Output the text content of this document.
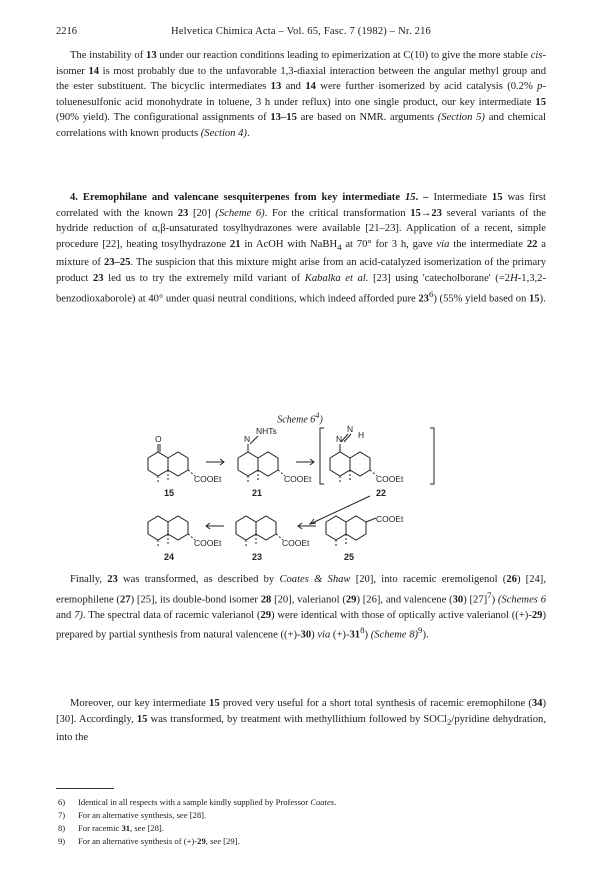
2216	Helvetica Chimica Acta – Vol. 65, Fasc. 7 (1982) – Nr. 216

The instability of 13 under our reaction conditions leading to epimerization at C(10) to give the more stable cis-isomer 14 is most probably due to the unfavorable 1,3-diaxial interaction between the angular methyl group and the ester substituent. The bicyclic intermediates 13 and 14 were further isomerized by acid catalysis (0.2% p-toluenesulfonic acid monohydrate in toluene, 3 h under reflux) into one single product, our key intermediate 15 (90% yield). The configurational assignments of 13–15 are based on NMR. arguments (Section 5) and chemical correlations with known products (Section 4).

4. Eremophilane and valencane sesquiterpenes from key intermediate 15. – Intermediate 15 was first correlated with the known 23 [20] (Scheme 6). For the critical transformation 15→23 several variants of the hydride reduction of α,β-unsaturated tosylhydrazones were available [21–23]. Application of a recent, simple procedure [22], heating tosylhydrazone 21 in AcOH with NaBH$_4$ at 70° for 3 h, gave via the intermediate 22 a mixture of 23–25. The suspicion that this mixture might arise from an acid-catalyzed isomerization of the primary product 23 led us to try the extremely mild variant of Kabalka et al. [23] using 'catecholborane' (=2H-1,3,2-benzodioxaborole) at 40° under quasi neutral conditions, which indeed afforded pure $23^6$) (55% yield based on 15).

Scheme $6^4$)
O
COOEt
N
NHTs
COOEt
N
N
H
COOEt
COOEt	COOEt
COOEt
15	21	22
24	23	25

Finally, 23 was transformed, as described by Coates & Shaw [20], into racemic eremoligenol (26) [24], eremophilene (27) [25], its double-bond isomer 28 [20], valerianol (29) [26], and valencene (30) $[27]^7$) (Schemes 6 and 7). The spectral data of racemic valerianol (29) were identical with those of optically active valerianol ((+)-29) prepared by partial synthesis from natural valencene ((+)-30) via $(+)-31^8$) (Scheme 8)$^9$).

Moreover, our key intermediate 15 proved very useful for a short total synthesis of racemic eremophilone (34) [30]. Accordingly, 15 was transformed, by treatment with methyllithium followed by SOCl$_2$/pyridine dehydration, into the

6) Identical in all respects with a sample kindly supplied by Professor Coates.
7) For an alternative synthesis, see [28].
8) For racemic 31, see [28].
9) For an alternative synthesis of (+)-29, see [29].
